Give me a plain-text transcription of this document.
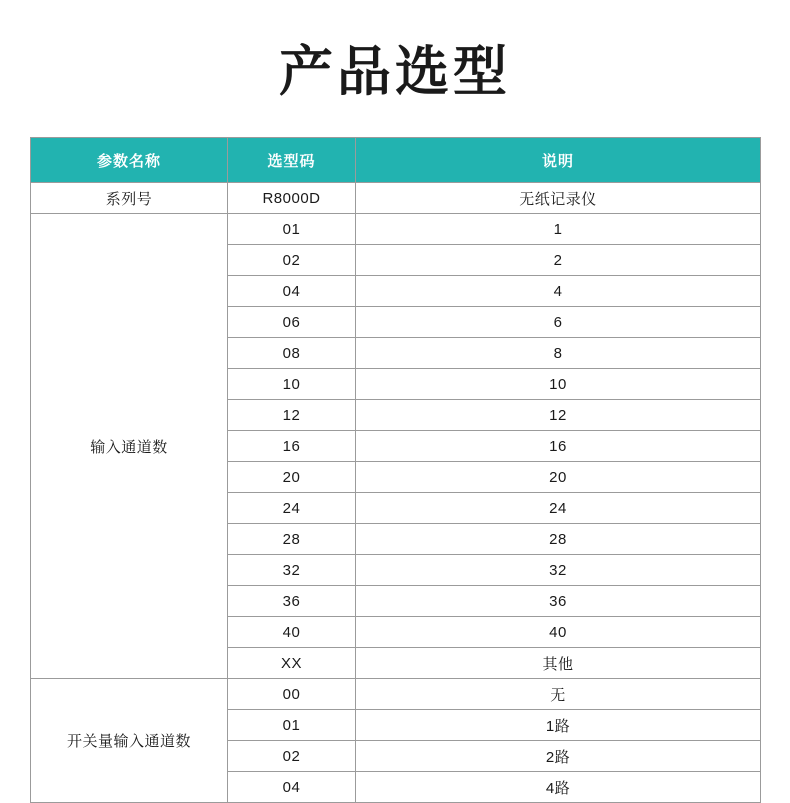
产品选型
参数名称	选型码	说明
系列号	R8000D	无纸记录仪
输入通道数	01	1
	02	2
	04	4
	06	6
	08	8
	10	10
	12	12
	16	16
	20	20
	24	24
	28	28
	32	32
	36	36
	40	40
	XX	其他
开关量输入通道数	00	无
	01	1路
	02	2路
	04	4路
